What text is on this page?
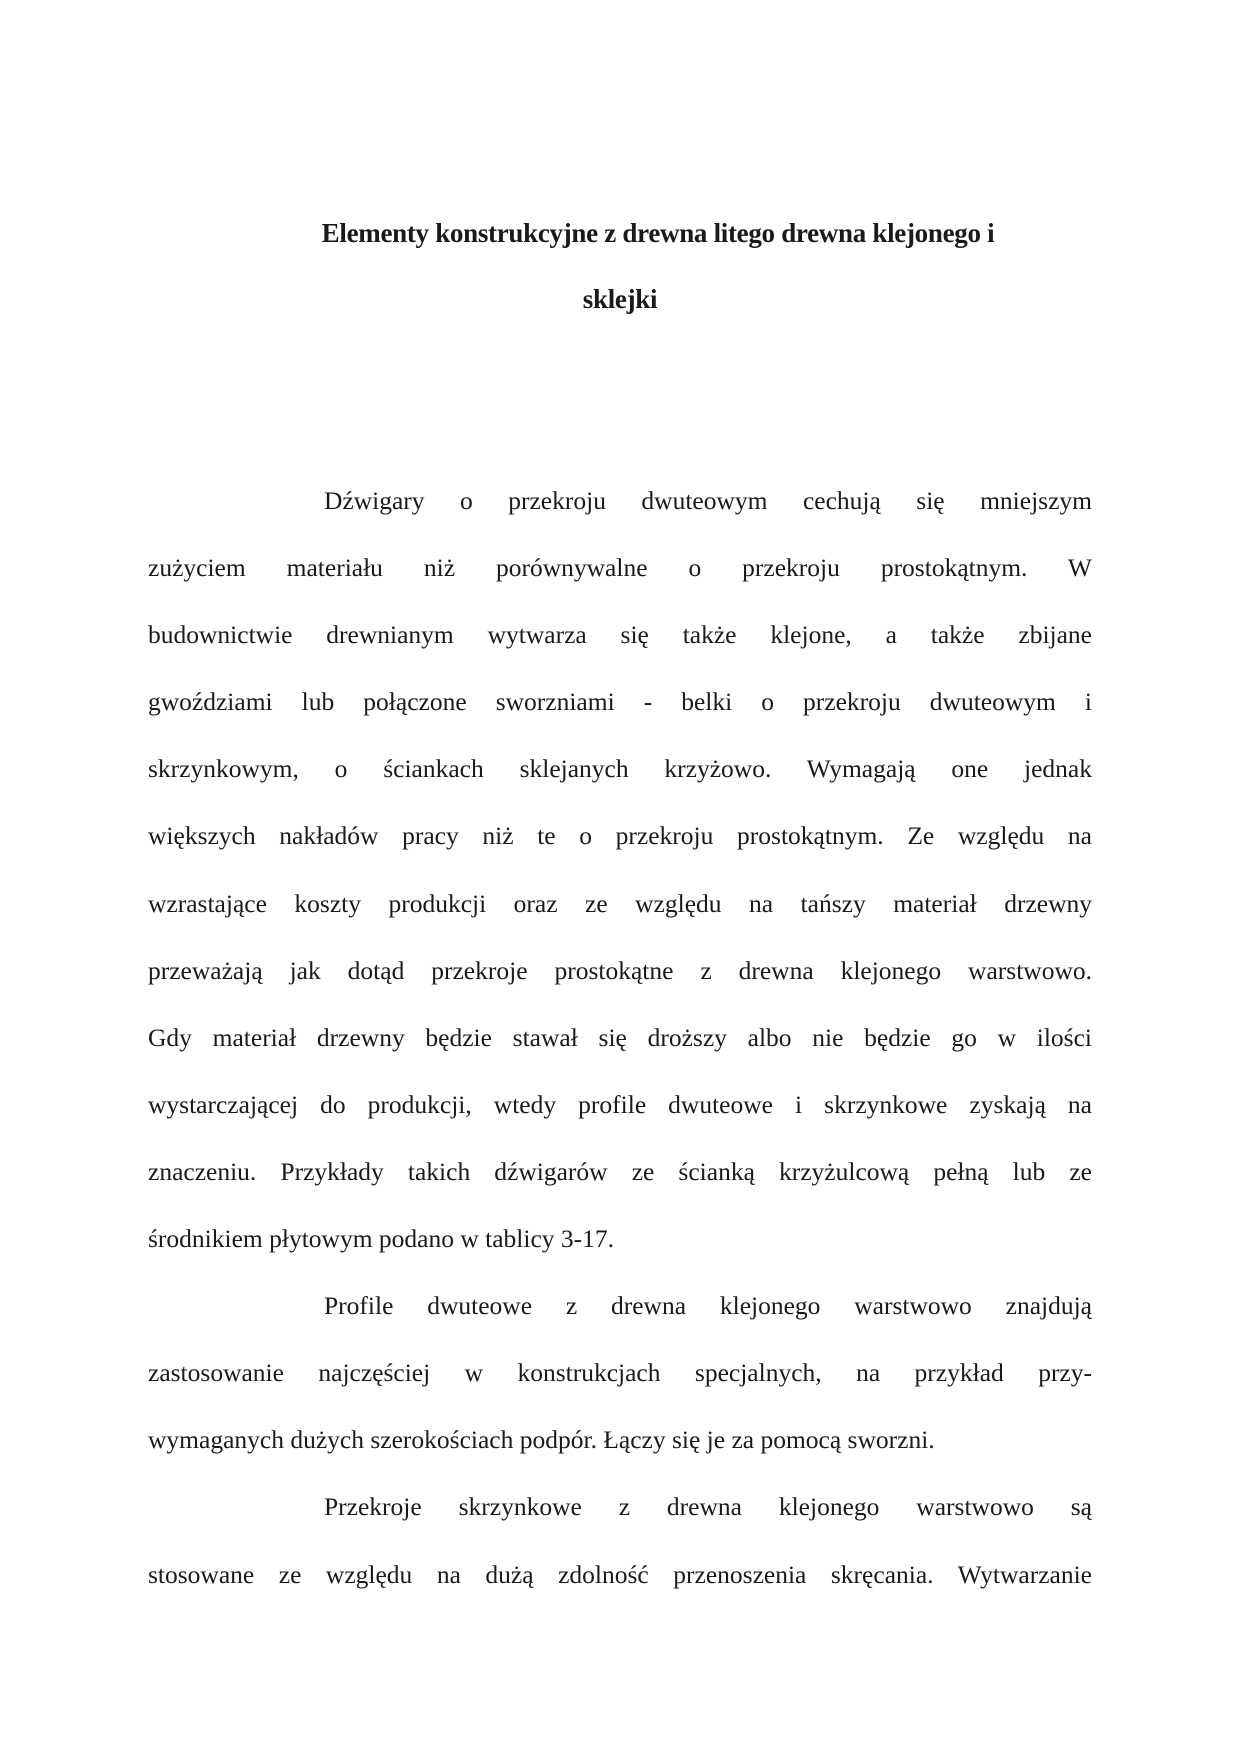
Elementy konstrukcyjne z drewna litego drewna klejonego i
sklejki
Dźwigary o przekroju dwuteowym cechują się mniejszym
zużyciem materiału niż porównywalne o przekroju prostokątnym. W
budownictwie drewnianym wytwarza się także klejone, a także zbijane
gwoździami lub połączone sworzniami - belki o przekroju dwuteowym i
skrzynkowym, o ściankach sklejanych krzyżowo. Wymagają one jednak
większych nakładów pracy niż te o przekroju prostokątnym. Ze względu na
wzrastające koszty produkcji oraz ze względu na tańszy materiał drzewny
przeważają jak dotąd przekroje prostokątne z drewna klejonego warstwowo.
Gdy materiał drzewny będzie stawał się droższy albo nie będzie go w ilości
wystarczającej do produkcji, wtedy profile dwuteowe i skrzynkowe zyskają na
znaczeniu. Przykłady takich dźwigarów ze ścianką krzyżulcową pełną lub ze
środnikiem płytowym podano w tablicy 3-17.
Profile dwuteowe z drewna klejonego warstwowo znajdują
zastosowanie najczęściej w konstrukcjach specjalnych, na przykład przy-
wymaganych dużych szerokościach podpór. Łączy się je za pomocą sworzni.
Przekroje skrzynkowe z drewna klejonego warstwowo są
stosowane ze względu na dużą zdolność przenoszenia skręcania. Wytwarzanie
